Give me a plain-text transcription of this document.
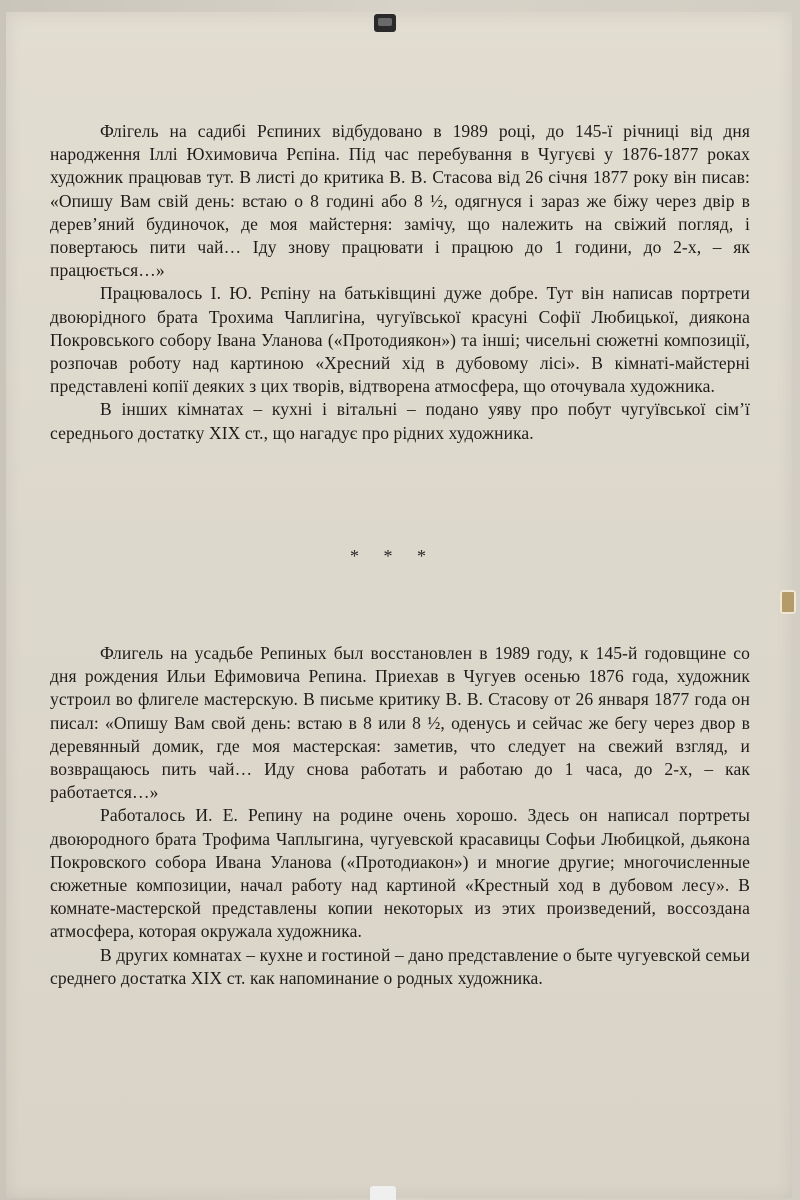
Флігель на садибі Рєпиних відбудовано в 1989 році, до 145-ї річниці від дня народження Іллі Юхимовича Рєпіна. Під час перебування в Чугуєві у 1876-1877 роках художник працював тут. В листі до критика В. В. Стасова від 26 січня 1877 року він писав: «Опишу Вам свій день: встаю о 8 годині або 8 ½, одягнуся і зараз же біжу через двір в дерев’яний будиночок, де моя майстерня: замічу, що належить на свіжий погляд, і повертаюсь пити чай… Іду знову працювати і працюю до 1 години, до 2-х, – як працюється…»

Працювалось І. Ю. Рєпіну на батьківщині дуже добре. Тут він написав портрети двоюрідного брата Трохима Чаплигіна, чугуївської красуні Софії Любицької, диякона Покровського собору Івана Уланова («Протодиякон») та інші; чисельні сюжетні композиції, розпочав роботу над картиною «Хресний хід в дубовому лісі». В кімнаті-майстерні представлені копії деяких з цих творів, відтворена атмосфера, що оточувала художника.

В інших кімнатах – кухні і вітальні – подано уяву про побут чугуївської сім’ї середнього достатку XIX ст., що нагадує про рідних художника.

* * *

Флигель на усадьбе Репиных был восстановлен в 1989 году, к 145-й годовщине со дня рождения Ильи Ефимовича Репина. Приехав в Чугуев осенью 1876 года, художник устроил во флигеле мастерскую. В письме критику В. В. Стасову от 26 января 1877 года он писал: «Опишу Вам свой день: встаю в 8 или 8 ½, оденусь и сейчас же бегу через двор в деревянный домик, где моя мастерская: заметив, что следует на свежий взгляд, и возвращаюсь пить чай… Иду снова работать и работаю до 1 часа, до 2-х, – как работается…»

Работалось И. Е. Репину на родине очень хорошо. Здесь он написал портреты двоюродного брата Трофима Чаплыгина, чугуевской красавицы Софьи Любицкой, дьякона Покровского собора Ивана Уланова («Протодиакон») и многие другие; многочисленные сюжетные композиции, начал работу над картиной «Крестный ход в дубовом лесу». В комнате-мастерской представлены копии некоторых из этих произведений, воссоздана атмосфера, которая окружала художника.

В других комнатах – кухне и гостиной – дано представление о быте чугуевской семьи среднего достатка XIX ст. как напоминание о родных художника.
